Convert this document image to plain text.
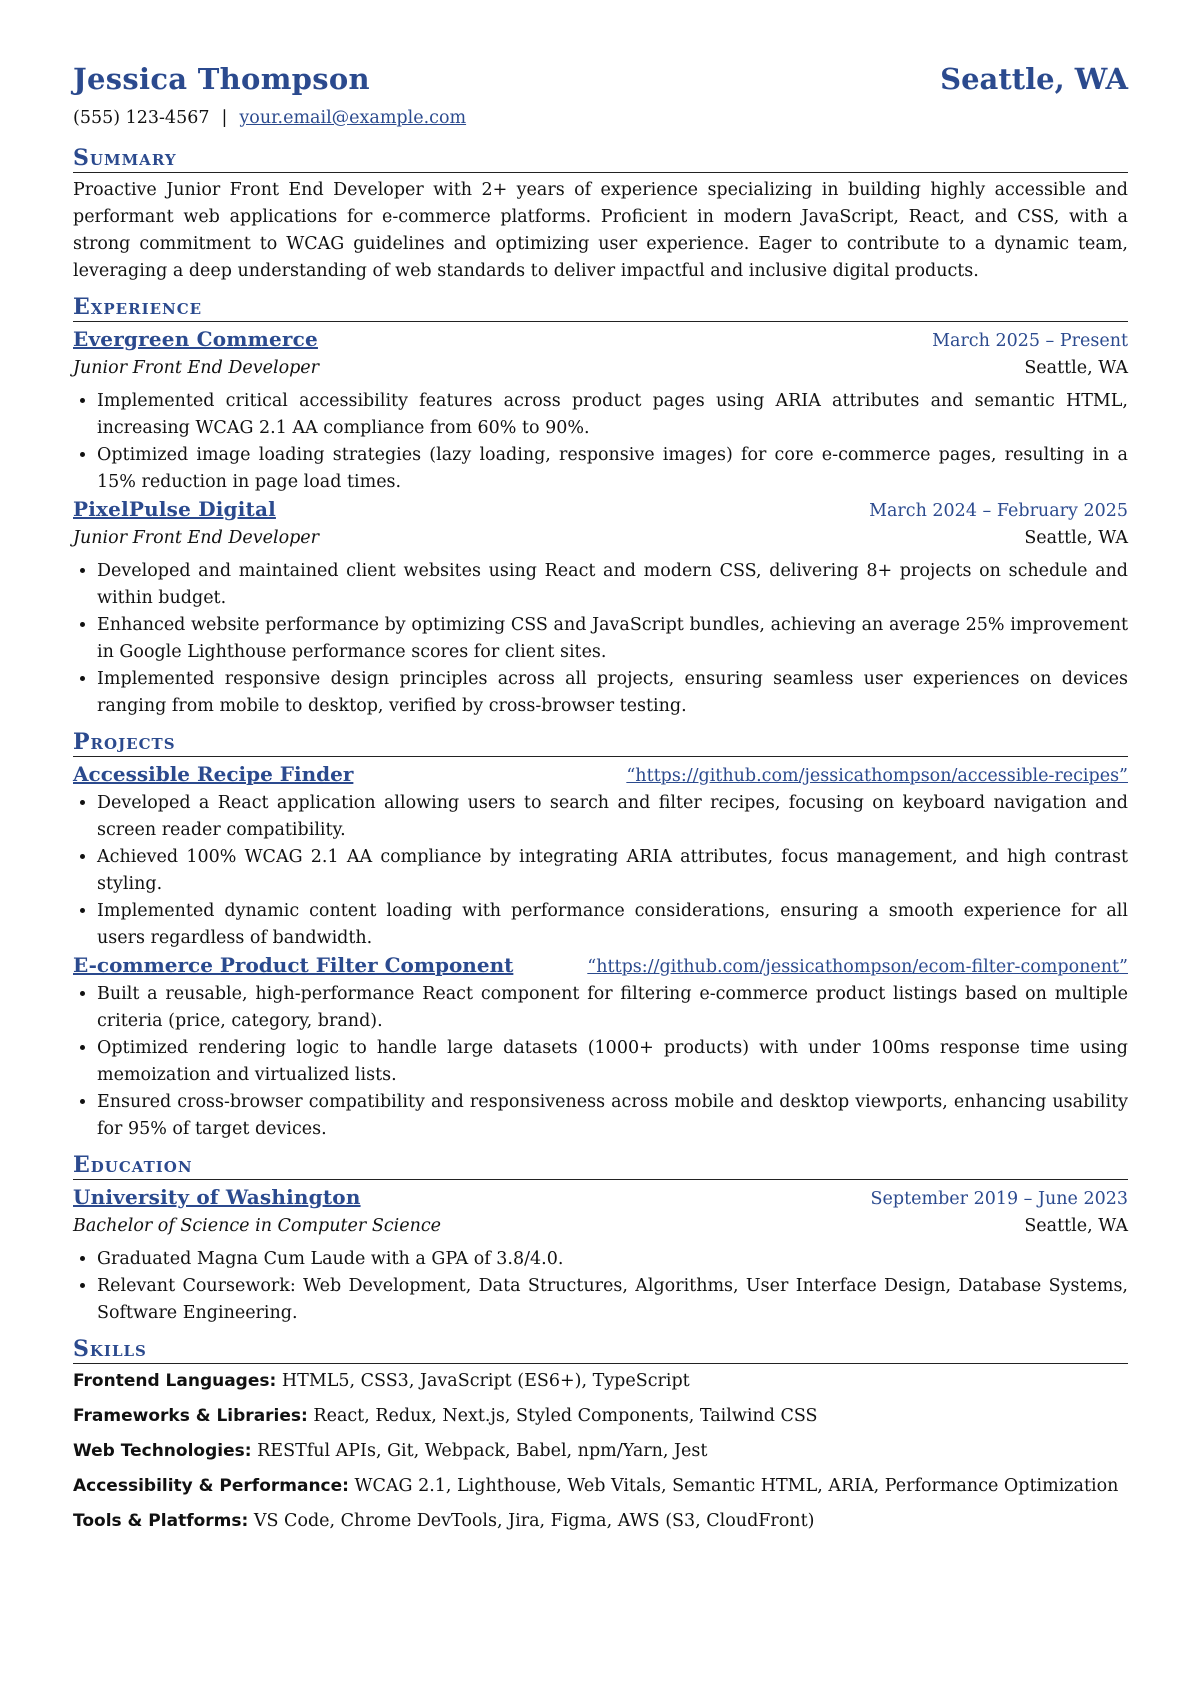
Jessica Thompson	Seattle, WA
(555) 123-4567 | your.email@example.com
Summary

Proactive Junior Front End Developer with 2+ years of experience specializing in building highly accessible and performant web applications for e-commerce platforms. Proficient in modern JavaScript, React, and CSS, with a strong commitment to WCAG guidelines and optimizing user experience. Eager to contribute to a dynamic team, leveraging a deep understanding of web standards to deliver impactful and inclusive digital products.

Experience
Evergreen Commerce	March 2025 – Present
Junior Front End Developer	Seattle, WA
• Implemented critical accessibility features across product pages using ARIA attributes and semantic HTML, increasing WCAG 2.1 AA compliance from 60% to 90%.
• Optimized image loading strategies (lazy loading, responsive images) for core e-commerce pages, resulting in a 15% reduction in page load times.
PixelPulse Digital	March 2024 – February 2025
Junior Front End Developer	Seattle, WA
• Developed and maintained client websites using React and modern CSS, delivering 8+ projects on schedule and within budget.
• Enhanced website performance by optimizing CSS and JavaScript bundles, achieving an average 25% improvement in Google Lighthouse performance scores for client sites.
• Implemented responsive design principles across all projects, ensuring seamless user experiences on devices ranging from mobile to desktop, verified by cross-browser testing.
Projects
Accessible Recipe Finder	“https://github.com/jessicathompson/accessible-recipes”
• Developed a React application allowing users to search and filter recipes, focusing on keyboard navigation and screen reader compatibility.
• Achieved 100% WCAG 2.1 AA compliance by integrating ARIA attributes, focus management, and high contrast styling.
• Implemented dynamic content loading with performance considerations, ensuring a smooth experience for all users regardless of bandwidth.
E-commerce Product Filter Component	“https://github.com/jessicathompson/ecom-filter-component”
• Built a reusable, high-performance React component for filtering e-commerce product listings based on multiple criteria (price, category, brand).
• Optimized rendering logic to handle large datasets (1000+ products) with under 100ms response time using memoization and virtualized lists.
• Ensured cross-browser compatibility and responsiveness across mobile and desktop viewports, enhancing usability for 95% of target devices.
Education
University of Washington	September 2019 – June 2023
Bachelor of Science in Computer Science	Seattle, WA
• Graduated Magna Cum Laude with a GPA of 3.8/4.0.
• Relevant Coursework: Web Development, Data Structures, Algorithms, User Interface Design, Database Systems, Software Engineering.
Skills

Frontend Languages: HTML5, CSS3, JavaScript (ES6+), TypeScript

Frameworks & Libraries: React, Redux, Next.js, Styled Components, Tailwind CSS

Web Technologies: RESTful APIs, Git, Webpack, Babel, npm/Yarn, Jest

Accessibility & Performance: WCAG 2.1, Lighthouse, Web Vitals, Semantic HTML, ARIA, Performance Optimization

Tools & Platforms: VS Code, Chrome DevTools, Jira, Figma, AWS (S3, CloudFront)
